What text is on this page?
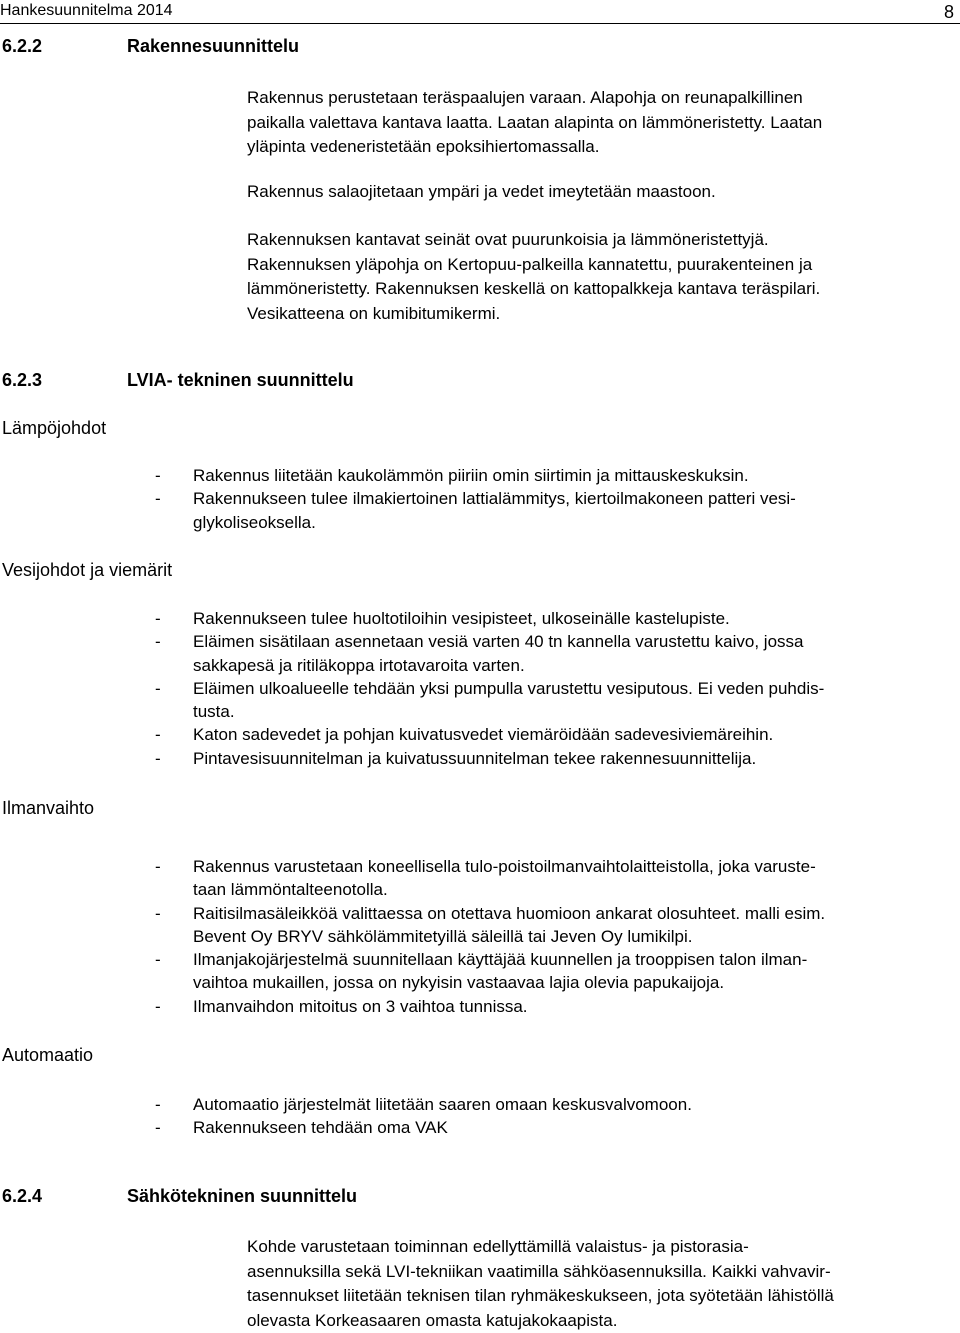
Hankesuunnitelma 2014	8
6.2.2	Rakennesuunnittelu

Rakennus perustetaan teräspaalujen varaan. Alapohja on reunapalkillinen

paikalla valettava kantava laatta. Laatan alapinta on lämmöneristetty. Laatan

yläpinta vedeneristetään epoksihiertomassalla.

Rakennus salaojitetaan ympäri ja vedet imeytetään maastoon.

Rakennuksen kantavat seinät ovat puurunkoisia ja lämmöneristettyjä.

Rakennuksen yläpohja on Kertopuu-palkeilla kannatettu, puurakenteinen ja

lämmöneristetty. Rakennuksen keskellä on kattopalkkeja kantava teräspilari.

Vesikatteena on kumibitumikermi.

6.2.3	LVIA- tekninen suunnittelu
Lämpöjohdot
- Rakennus liitetään kaukolämmön piiriin omin siirtimin ja mittauskeskuksin.
- Rakennukseen tulee ilmakiertoinen lattialämmitys, kiertoilmakoneen patteri vesi-
glykoliseoksella.
Vesijohdot ja viemärit
- Rakennukseen tulee huoltotiloihin vesipisteet, ulkoseinälle kastelupiste.
- Eläimen sisätilaan asennetaan vesiä varten 40 tn kannella varustettu kaivo, jossa
sakkapesä ja ritiläkoppa irtotavaroita varten.
- Eläimen ulkoalueelle tehdään yksi pumpulla varustettu vesiputous. Ei veden puhdis-
tusta.
- Katon sadevedet ja pohjan kuivatusvedet viemäröidään sadevesiviemäreihin.
- Pintavesisuunnitelman ja kuivatussuunnitelman tekee rakennesuunnittelija.
Ilmanvaihto
- Rakennus varustetaan koneellisella tulo-poistoilmanvaihtolaitteistolla, joka varuste-
taan lämmöntalteenotolla.
- Raitisilmasäleikköä valittaessa on otettava huomioon ankarat olosuhteet. malli esim.
Bevent Oy BRYV sähkölämmitetyillä säleillä tai Jeven Oy lumikilpi.
- Ilmanjakojärjestelmä suunnitellaan käyttäjää kuunnellen ja trooppisen talon ilman-
vaihtoa mukaillen, jossa on nykyisin vastaavaa lajia olevia papukaijoja.
- Ilmanvaihdon mitoitus on 3 vaihtoa tunnissa.
Automaatio
- Automaatio järjestelmät liitetään saaren omaan keskusvalvomoon.
- Rakennukseen tehdään oma VAK
6.2.4	Sähkötekninen suunnittelu

Kohde varustetaan toiminnan edellyttämillä valaistus- ja pistorasia-

asennuksilla sekä LVI-tekniikan vaatimilla sähköasennuksilla. Kaikki vahvavir-

tasennukset liitetään teknisen tilan ryhmäkeskukseen, jota syötetään lähistöllä

olevasta Korkeasaaren omasta katujakokaapista.
